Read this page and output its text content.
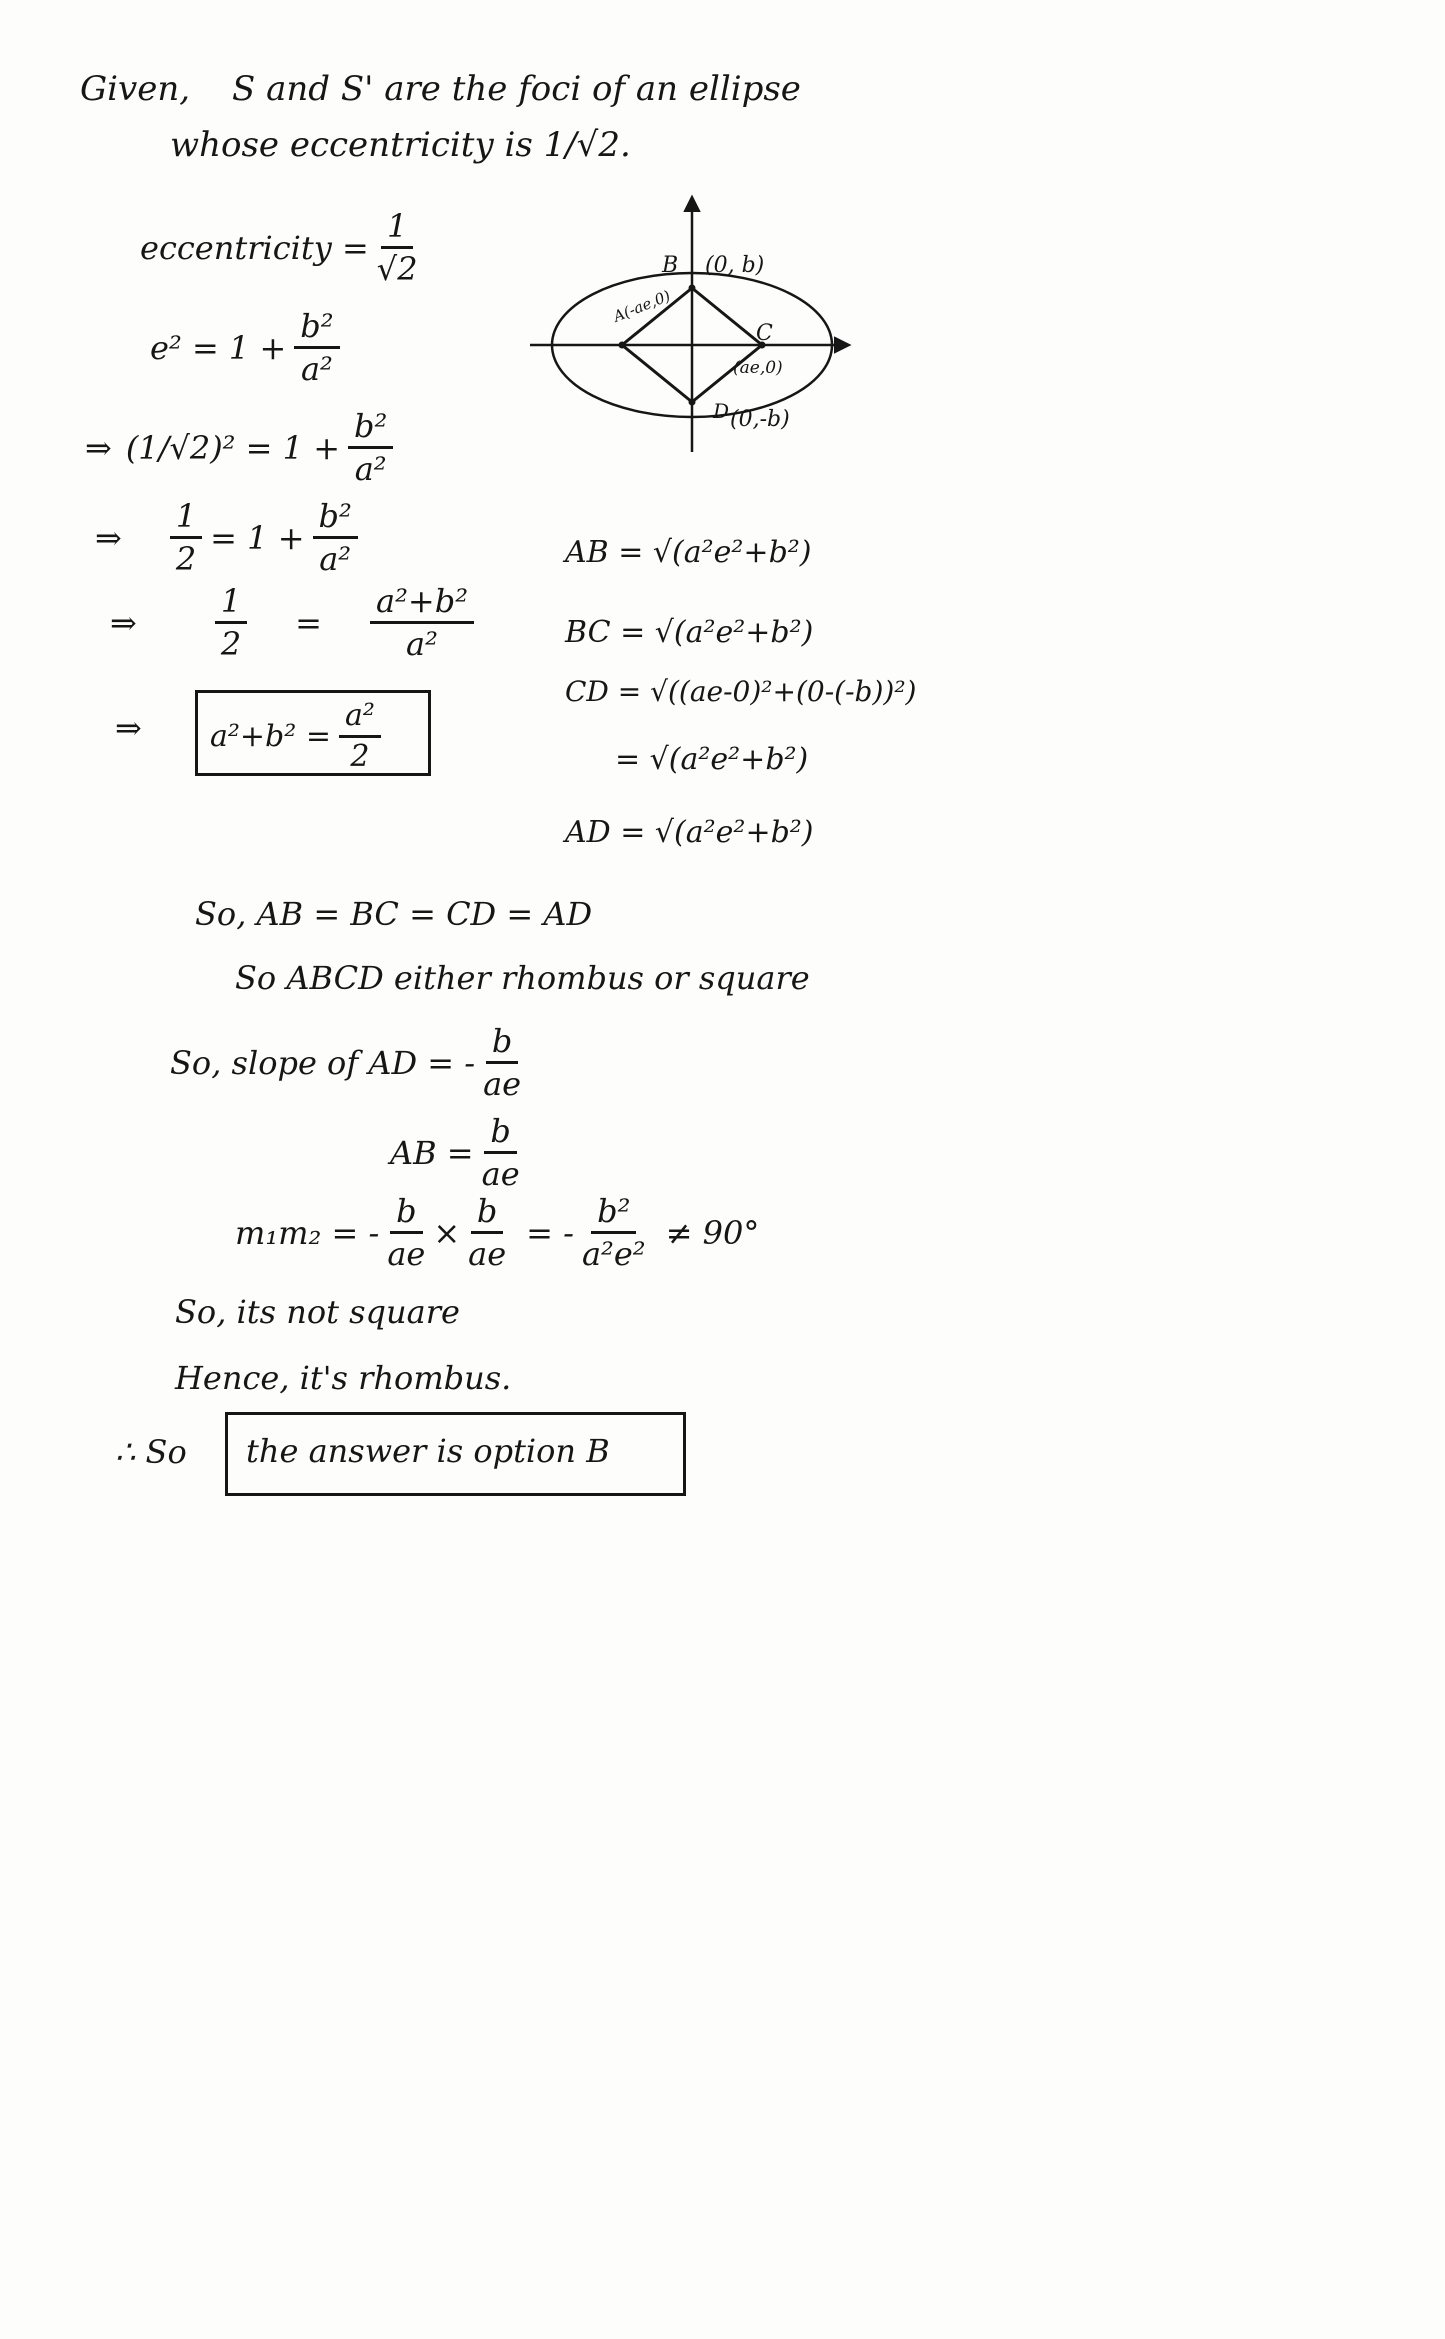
Given, S and S' are the foci of an ellipse
whose eccentricity is 1/√2.
eccentricity = $\frac{1}{√2}$
$e^2 = 1 + \frac{\text{b²}}{\text{a²}}$
⇒ $(1/√2)^2 = 1 + \frac{\text{b²}}{\text{a²}}$
⇒ $\frac{1}{2} = 1 + \frac{\text{b²}}{\text{a²}}$
⇒ $\frac{1}{2} = \frac{\text{a²+b²}}{\text{a²}}$
⇒ $a^2+b^2 = \frac{\text{a²}}{2}$
B (0, b)
A(-ae,0)
C
(ae,0)
D (0,-b)
AB = √(a²e²+b²)
BC = √(a²e²+b²)
CD = √((ae-0)²+(0-(-b))²)
= √(a²e²+b²)
AD = √(a²e²+b²)
So, AB = BC = CD = AD
So ABCD either rhombus or square
So, slope of AD = - $\frac{b}{ae}$
AB = $\frac{b}{ae}$
m₁m₂ = - $\frac{b}{ae} \times \frac{b}{ae}$ = - $\frac{\text{b²}}{\text{a²e²}} \ne 90^\circ$
So, its not square
Hence, it's rhombus.
∴ So the answer is option B
